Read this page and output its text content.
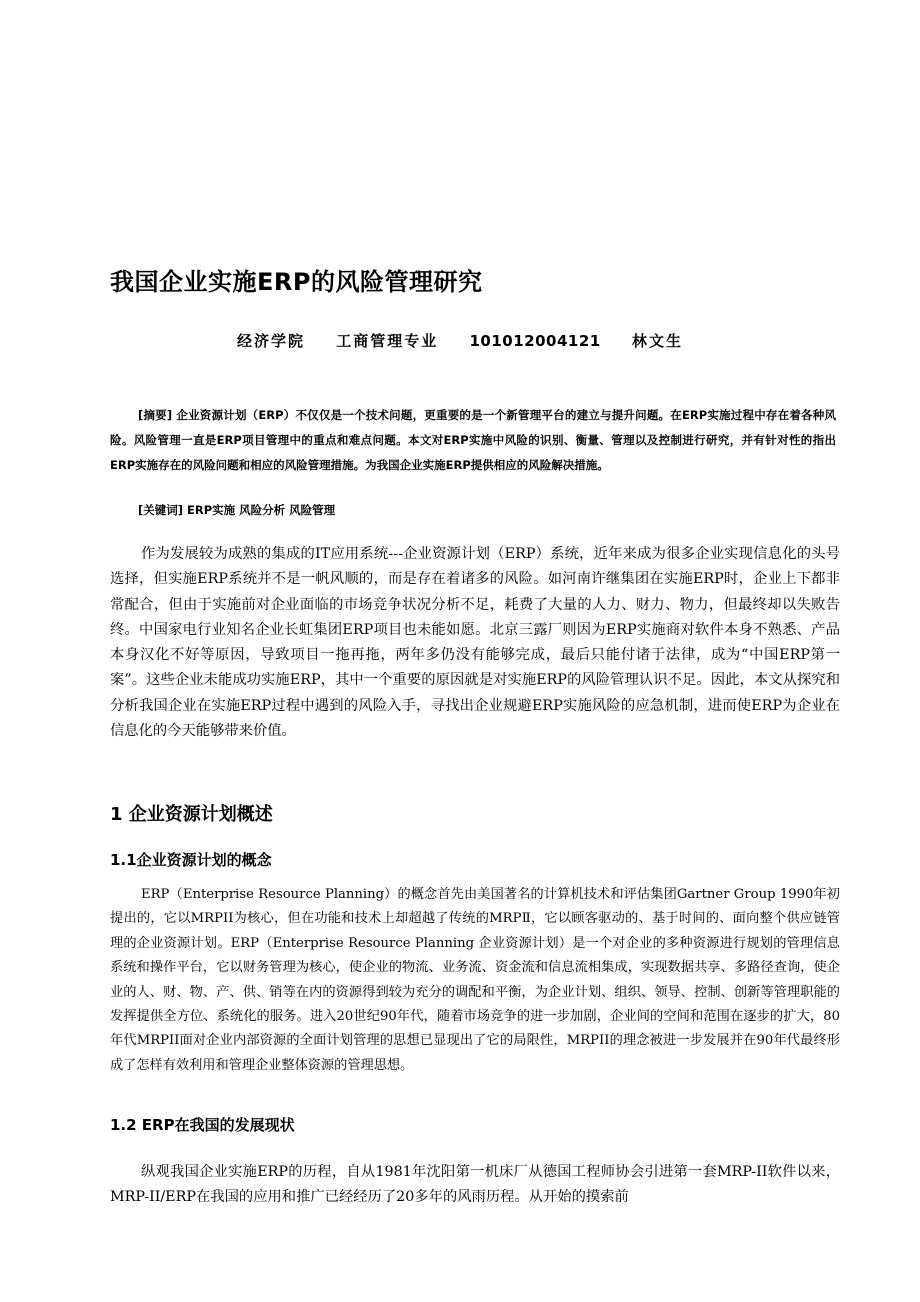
我国企业实施ERP的风险管理研究
经济学院 工商管理专业 101012004121 林文生
[摘要] 企业资源计划（ERP）不仅仅是一个技术问题，更重要的是一个新管理平台的建立与提升问题。在ERP实施过程中存在着各种风险。风险管理一直是ERP项目管理中的重点和难点问题。本文对ERP实施中风险的识别、衡量、管理以及控制进行研究，并有针对性的指出ERP实施存在的风险问题和相应的风险管理措施。为我国企业实施ERP提供相应的风险解决措施。
[关键词] ERP实施 风险分析 风险管理
作为发展较为成熟的集成的IT应用系统---企业资源计划（ERP）系统，近年来成为很多企业实现信息化的头号选择，但实施ERP系统并不是一帆风顺的，而是存在着诸多的风险。如河南许继集团在实施ERP时，企业上下都非常配合，但由于实施前对企业面临的市场竞争状况分析不足，耗费了大量的人力、财力、物力，但最终却以失败告终。中国家电行业知名企业长虹集团ERP项目也未能如愿。北京三露厂则因为ERP实施商对软件本身不熟悉、产品本身汉化不好等原因，导致项目一拖再拖，两年多仍没有能够完成，最后只能付诸于法律，成为“中国ERP第一案”。这些企业未能成功实施ERP，其中一个重要的原因就是对实施ERP的风险管理认识不足。因此，本文从探究和分析我国企业在实施ERP过程中遇到的风险入手，寻找出企业规避ERP实施风险的应急机制，进而使ERP为企业在信息化的今天能够带来价值。
1 企业资源计划概述
1.1企业资源计划的概念
ERP（Enterprise Resource Planning）的概念首先由美国著名的计算机技术和评估集团Gartner Group 1990年初提出的，它以MRPII为核心，但在功能和技术上却超越了传统的MRPⅡ，它以顾客驱动的、基于时间的、面向整个供应链管理的企业资源计划。ERP（Enterprise Resource Planning 企业资源计划）是一个对企业的多种资源进行规划的管理信息系统和操作平台，它以财务管理为核心，使企业的物流、业务流、资金流和信息流相集成，实现数据共享、多路径查询，使企业的人、财、物、产、供、销等在内的资源得到较为充分的调配和平衡，为企业计划、组织、领导、控制、创新等管理职能的发挥提供全方位、系统化的服务。进入20世纪90年代，随着市场竞争的进一步加剧，企业间的空间和范围在逐步的扩大，80年代MRPII面对企业内部资源的全面计划管理的思想已显现出了它的局限性，MRPII的理念被进一步发展并在90年代最终形成了怎样有效利用和管理企业整体资源的管理思想。
1.2 ERP在我国的发展现状
纵观我国企业实施ERP的历程，自从1981年沈阳第一机床厂从德国工程师协会引进第一套MRP-II软件以来，MRP-II/ERP在我国的应用和推广已经经历了20多年的风雨历程。从开始的摸索前
